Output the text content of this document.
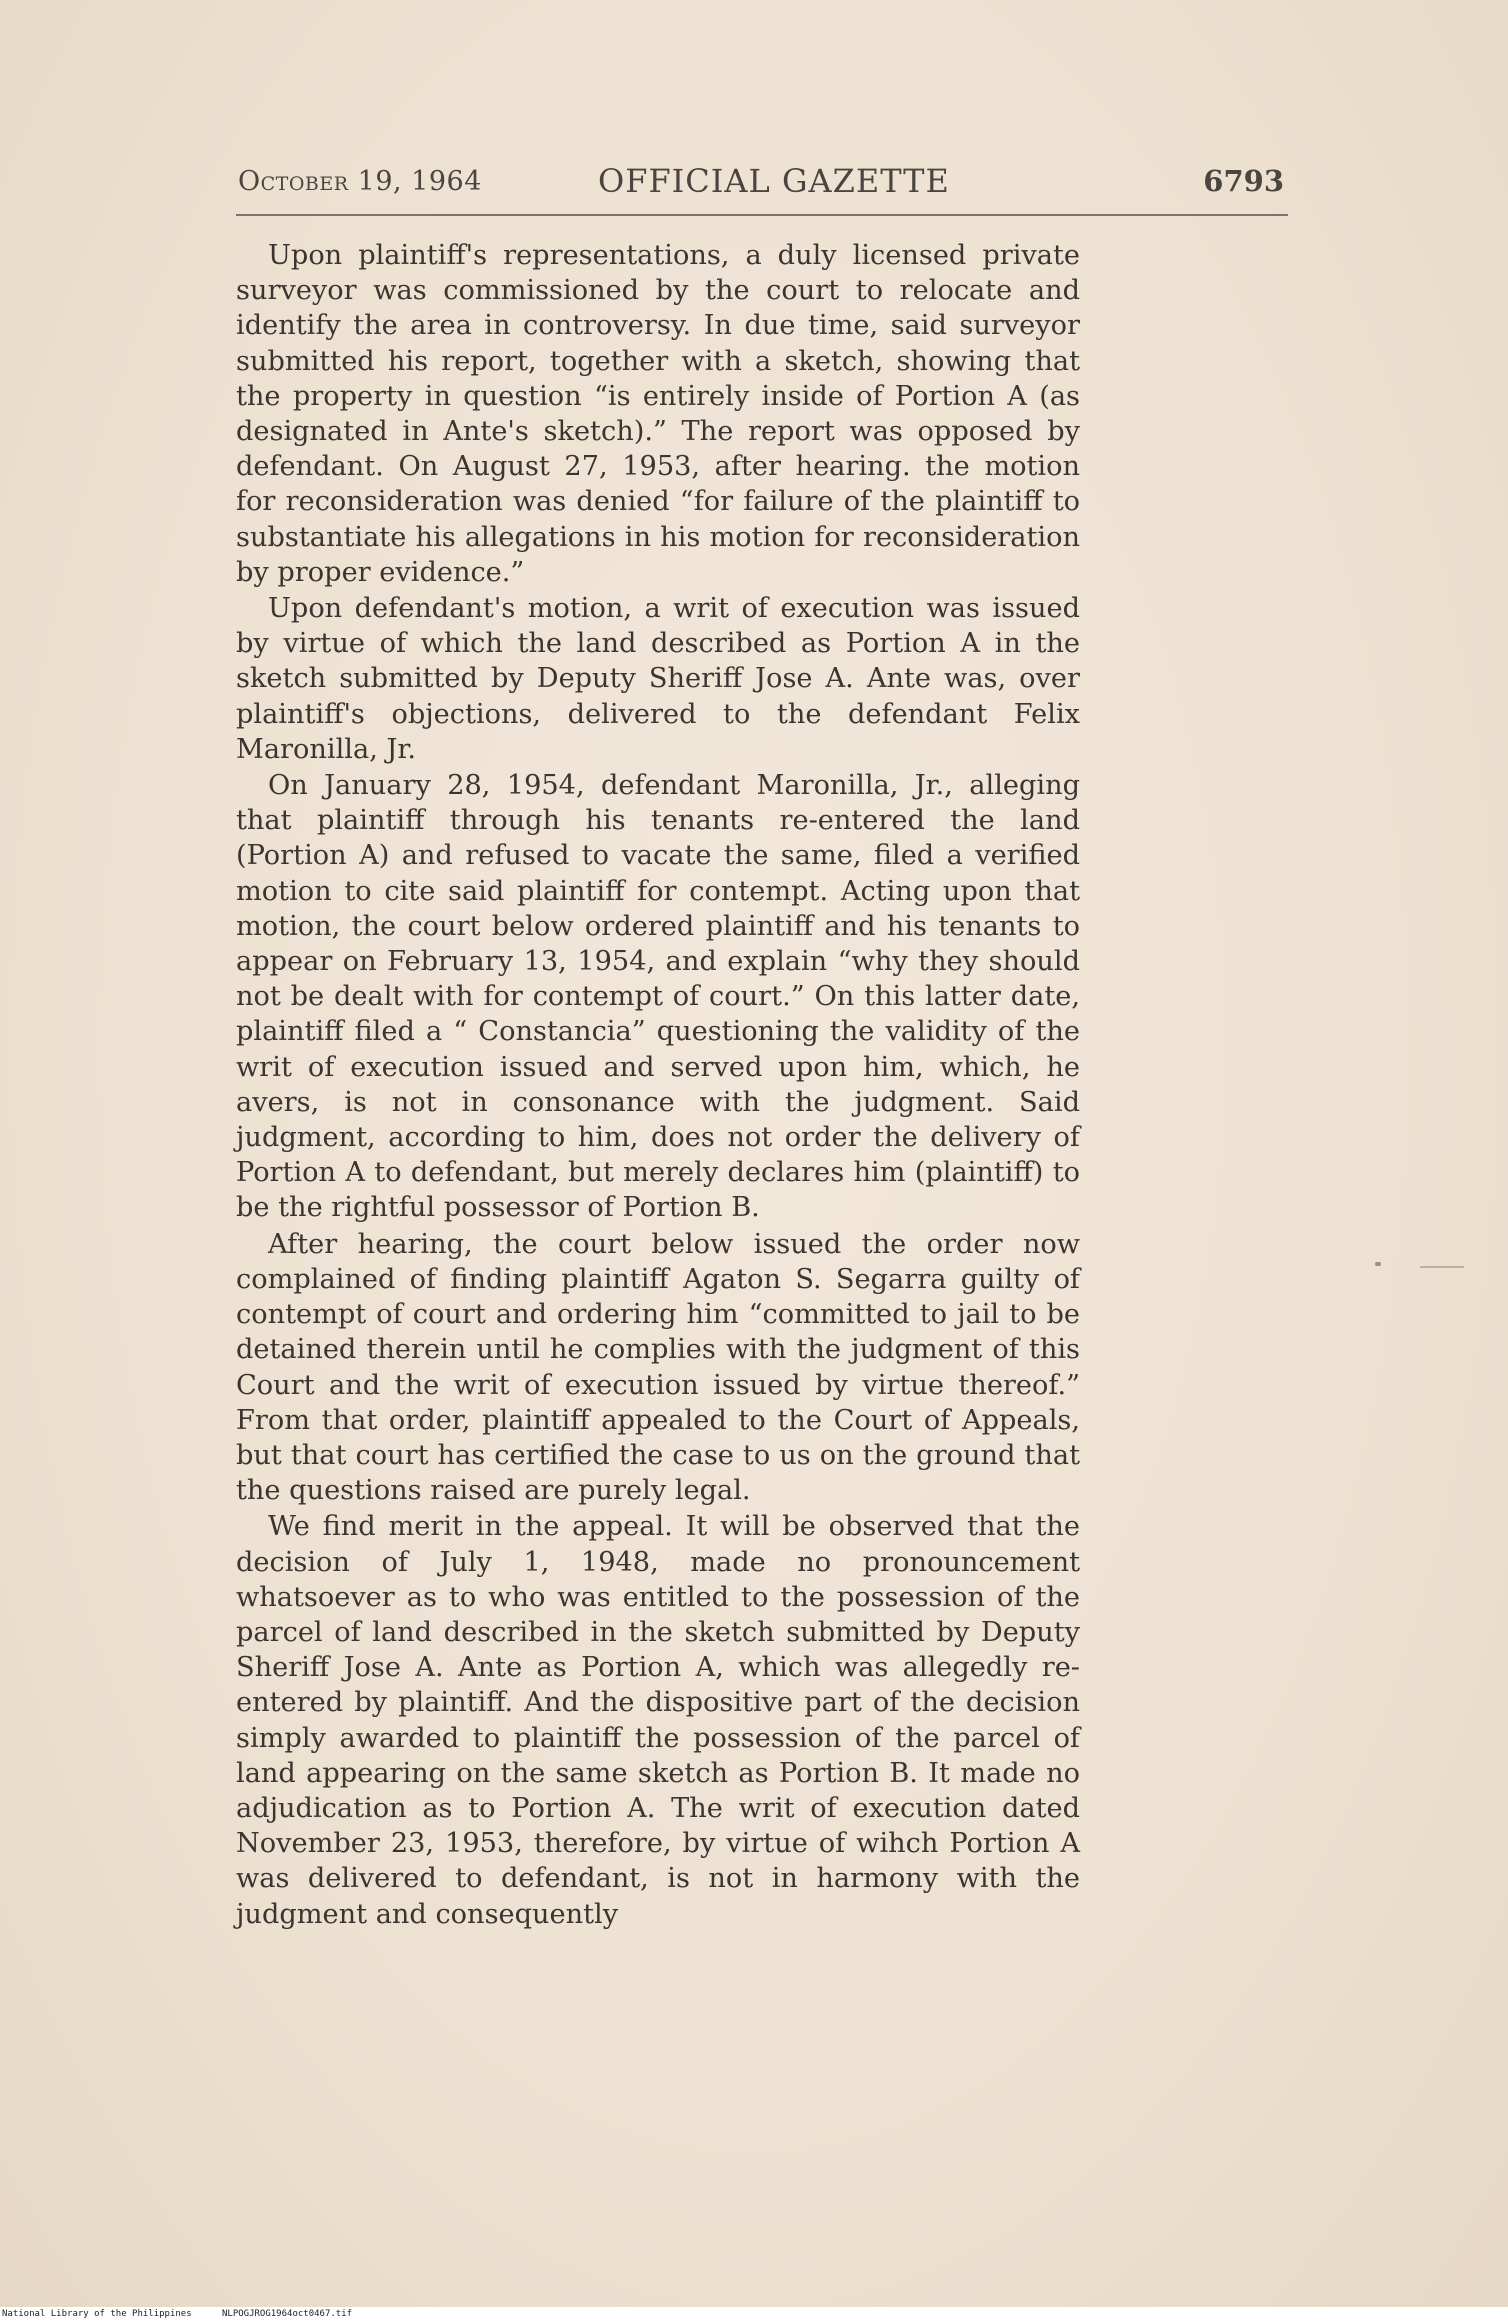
October 19, 1964	OFFICIAL GAZETTE	6793

Upon plaintiff's representations, a duly licensed private surveyor was commissioned by the court to relocate and identify the area in controversy. In due time, said surveyor submitted his report, together with a sketch, showing that the property in question “is entirely inside of Portion A (as designated in Ante's sketch).” The report was opposed by defendant. On August 27, 1953, after hearing. the motion for reconsideration was denied “for failure of the plaintiff to substantiate his allegations in his motion for reconsideration by proper evidence.”

Upon defendant's motion, a writ of execution was issued by virtue of which the land described as Portion A in the sketch submitted by Deputy Sheriff Jose A. Ante was, over plaintiff's objections, delivered to the defendant Felix Maronilla, Jr.

On January 28, 1954, defendant Maronilla, Jr., alleging that plaintiff through his tenants re-entered the land (Portion A) and refused to vacate the same, filed a verified motion to cite said plaintiff for contempt. Acting upon that motion, the court below ordered plaintiff and his tenants to appear on February 13, 1954, and explain “why they should not be dealt with for contempt of court.” On this latter date, plaintiff filed a “ Constancia” questioning the validity of the writ of execution issued and served upon him, which, he avers, is not in consonance with the judgment. Said judgment, according to him, does not order the delivery of Portion A to defendant, but merely declares him (plaintiff) to be the rightful possessor of Portion B.

After hearing, the court below issued the order now complained of finding plaintiff Agaton S. Segarra guilty of contempt of court and ordering him “committed to jail to be detained therein until he complies with the judgment of this Court and the writ of execution issued by virtue thereof.” From that order, plaintiff appealed to the Court of Appeals, but that court has certified the case to us on the ground that the questions raised are purely legal.

We find merit in the appeal. It will be observed that the decision of July 1, 1948, made no pronouncement whatsoever as to who was entitled to the possession of the parcel of land described in the sketch submitted by Deputy Sheriff Jose A. Ante as Portion A, which was allegedly re-entered by plaintiff. And the dispositive part of the decision simply awarded to plaintiff the possession of the parcel of land appearing on the same sketch as Portion B. It made no adjudication as to Portion A. The writ of execution dated November 23, 1953, therefore, by virtue of wihch Portion A was delivered to defendant, is not in harmony with the judgment and consequently

National Library of the Philippines	NLPOGJROG1964oct0467.tif
